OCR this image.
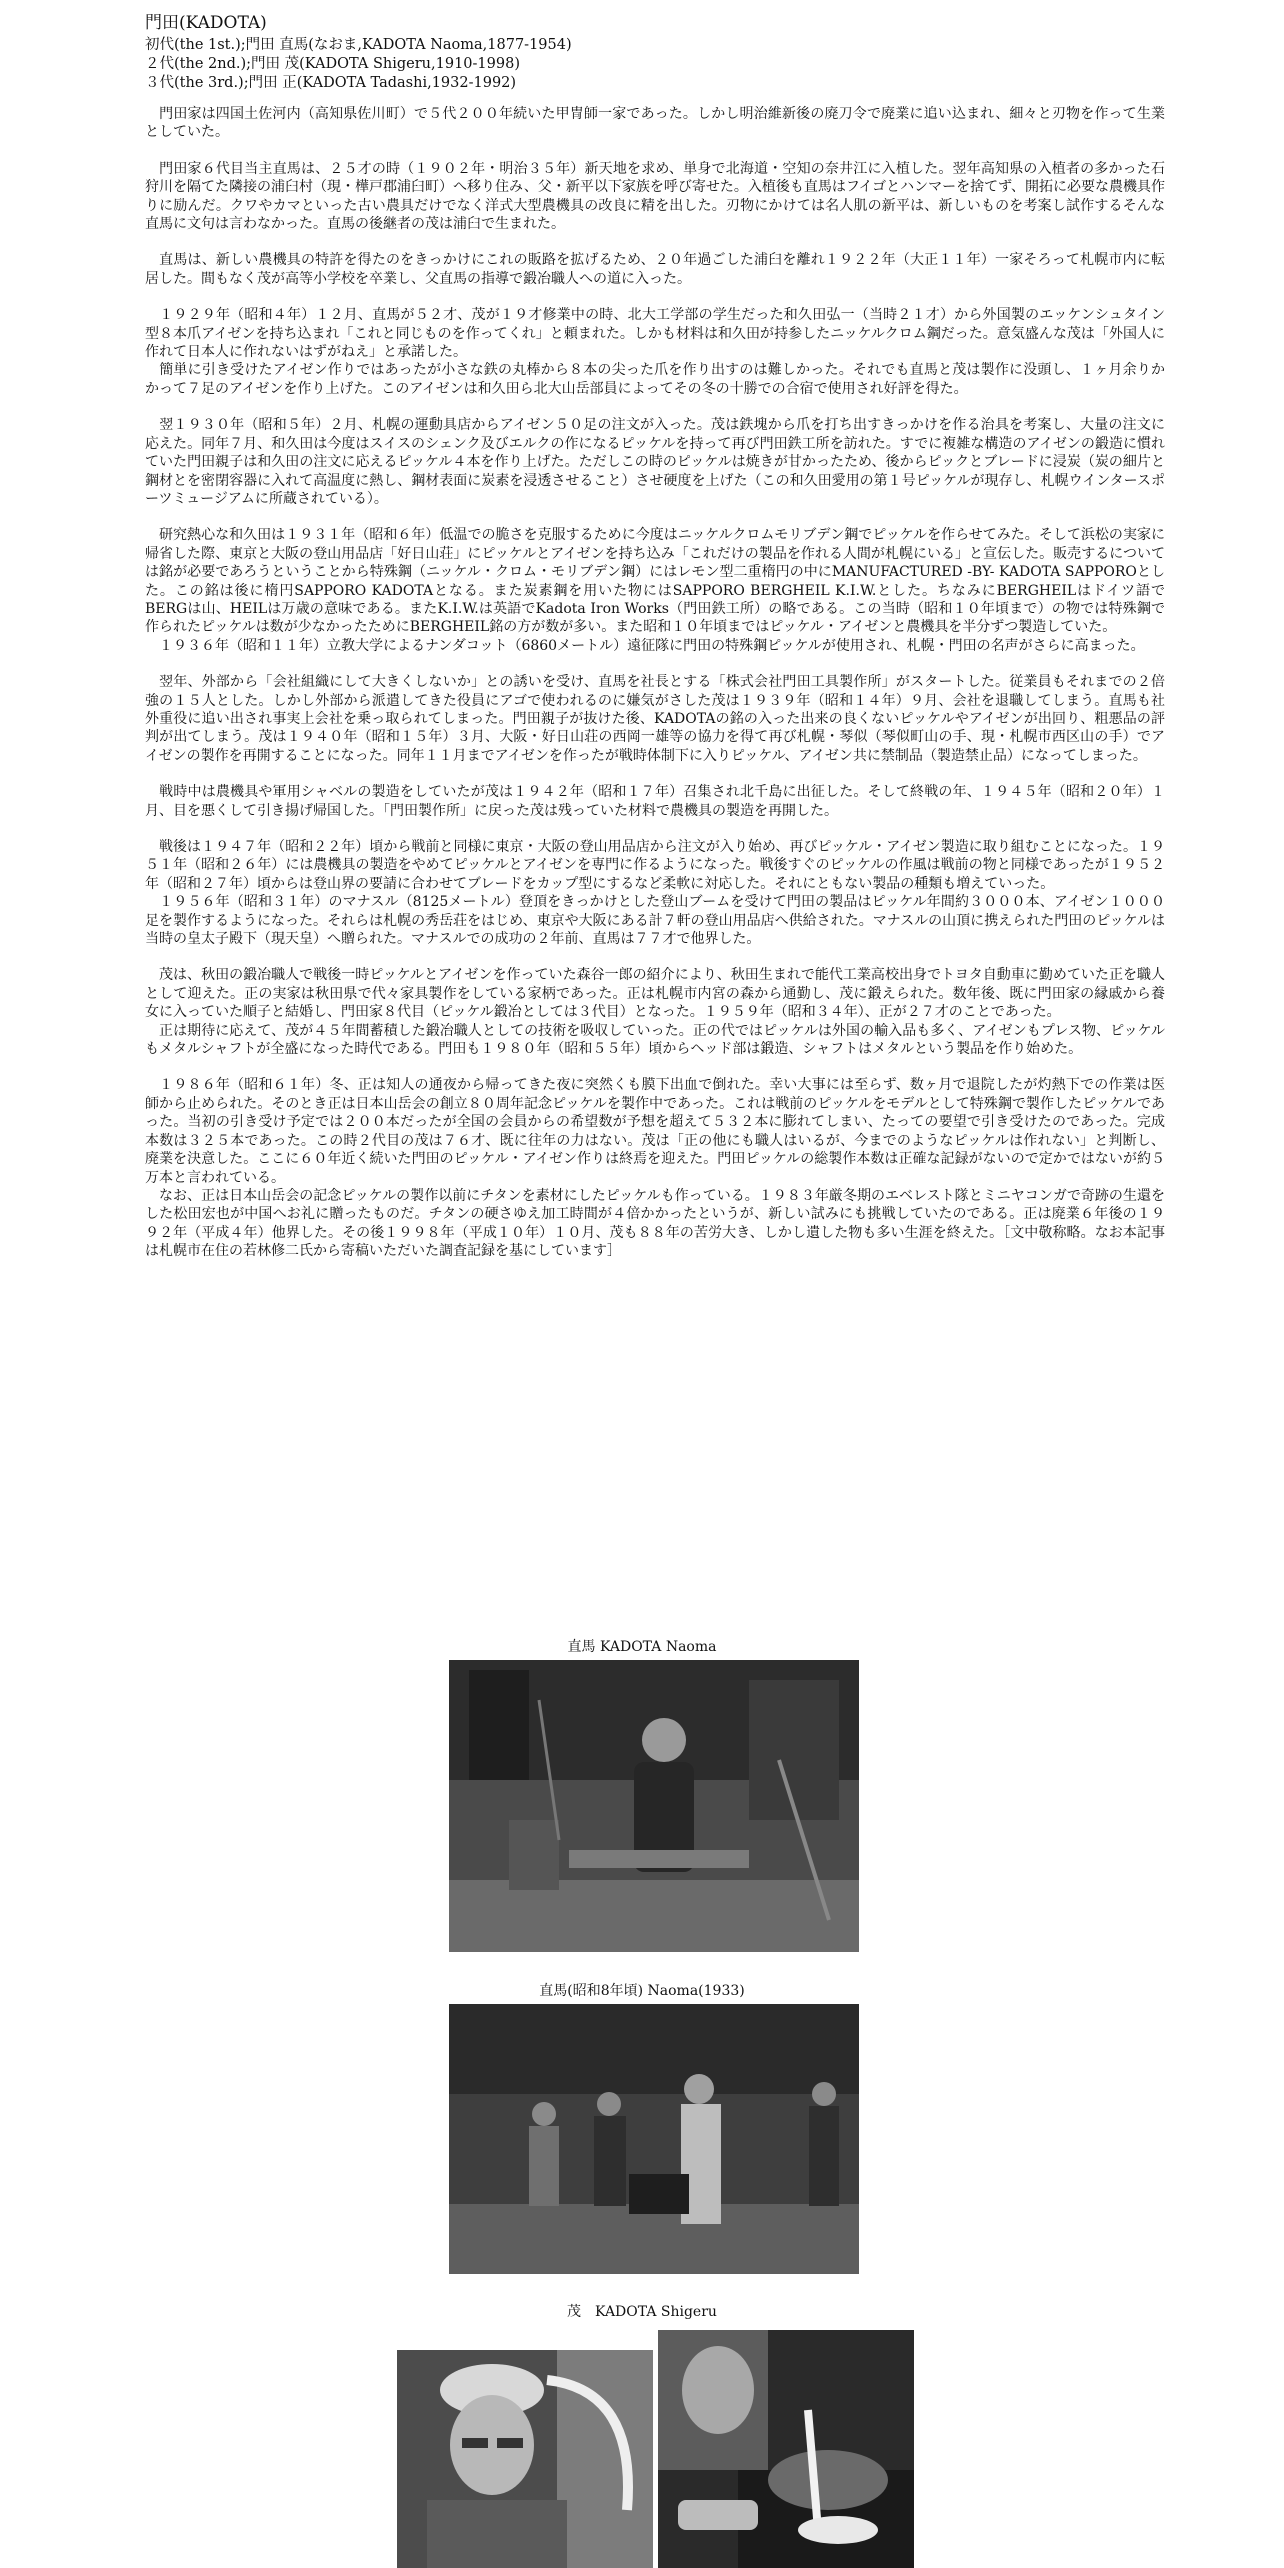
門田(KADOTA)
初代(the 1st.);門田 直馬(なおま,KADOTA Naoma,1877-1954)
２代(the 2nd.);門田 茂(KADOTA Shigeru,1910-1998)
３代(the 3rd.);門田 正(KADOTA Tadashi,1932-1992)

　門田家は四国土佐河内（高知県佐川町）で５代２００年続いた甲冑師一家であった。しかし明治維新後の廃刀令で廃業に追い込まれ、細々と刃物を作って生業としていた。

　門田家６代目当主直馬は、２５才の時（１９０２年・明治３５年）新天地を求め、単身で北海道・空知の奈井江に入植した。翌年高知県の入植者の多かった石狩川を隔てた隣接の浦臼村（現・樺戸郡浦臼町）へ移り住み、父・新平以下家族を呼び寄せた。入植後も直馬はフイゴとハンマーを捨てず、開拓に必要な農機具作りに励んだ。クワやカマといった古い農具だけでなく洋式大型農機具の改良に精を出した。刃物にかけては名人肌の新平は、新しいものを考案し試作するそんな直馬に文句は言わなかった。直馬の後継者の茂は浦臼で生まれた。

　直馬は、新しい農機具の特許を得たのをきっかけにこれの販路を拡げるため、２０年過ごした浦臼を離れ１９２２年（大正１１年）一家そろって札幌市内に転居した。間もなく茂が高等小学校を卒業し、父直馬の指導で鍛冶職人への道に入った。

　１９２９年（昭和４年）１２月、直馬が５２才、茂が１９才修業中の時、北大工学部の学生だった和久田弘一（当時２１才）から外国製のエッケンシュタイン型８本爪アイゼンを持ち込まれ「これと同じものを作ってくれ」と頼まれた。しかも材料は和久田が持参したニッケルクロム鋼だった。意気盛んな茂は「外国人に作れて日本人に作れないはずがねえ」と承諾した。
　簡単に引き受けたアイゼン作りではあったが小さな鉄の丸棒から８本の尖った爪を作り出すのは難しかった。それでも直馬と茂は製作に没頭し、１ヶ月余りかかって７足のアイゼンを作り上げた。このアイゼンは和久田ら北大山岳部員によってその冬の十勝での合宿で使用され好評を得た。

　翌１９３０年（昭和５年）２月、札幌の運動具店からアイゼン５０足の注文が入った。茂は鉄塊から爪を打ち出すきっかけを作る治具を考案し、大量の注文に応えた。同年７月、和久田は今度はスイスのシェンク及びエルクの作になるピッケルを持って再び門田鉄工所を訪れた。すでに複雑な構造のアイゼンの鍛造に慣れていた門田親子は和久田の注文に応えるピッケル４本を作り上げた。ただしこの時のピッケルは焼きが甘かったため、後からピックとブレードに浸炭（炭の細片と鋼材とを密閉容器に入れて高温度に熱し、鋼材表面に炭素を浸透させること）させ硬度を上げた（この和久田愛用の第１号ピッケルが現存し、札幌ウインタースポーツミュージアムに所蔵されている）。

　研究熱心な和久田は１９３１年（昭和６年）低温での脆さを克服するために今度はニッケルクロムモリブデン鋼でピッケルを作らせてみた。そして浜松の実家に帰省した際、東京と大阪の登山用品店「好日山荘」にピッケルとアイゼンを持ち込み「これだけの製品を作れる人間が札幌にいる」と宣伝した。販売するについては銘が必要であろうということから特殊鋼（ニッケル・クロム・モリブデン鋼）にはレモン型二重楕円の中にMANUFACTURED -BY- KADOTA SAPPOROとした。この銘は後に楕円SAPPORO KADOTAとなる。また炭素鋼を用いた物にはSAPPORO BERGHEIL K.I.W.とした。ちなみにBERGHEILはドイツ語でBERGは山、HEILは万歳の意味である。またK.I.W.は英語でKadota Iron Works（門田鉄工所）の略である。この当時（昭和１０年頃まで）の物では特殊鋼で作られたピッケルは数が少なかったためにBERGHEIL銘の方が数が多い。また昭和１０年頃まではピッケル・アイゼンと農機具を半分ずつ製造していた。
　１９３６年（昭和１１年）立教大学によるナンダコット（6860メートル）遠征隊に門田の特殊鋼ピッケルが使用され、札幌・門田の名声がさらに高まった。

　翌年、外部から「会社組織にして大きくしないか」との誘いを受け、直馬を社長とする「株式会社門田工具製作所」がスタートした。従業員もそれまでの２倍強の１５人とした。しかし外部から派遣してきた役員にアゴで使われるのに嫌気がさした茂は１９３９年（昭和１４年）９月、会社を退職してしまう。直馬も社外重役に追い出され事実上会社を乗っ取られてしまった。門田親子が抜けた後、KADOTAの銘の入った出来の良くないピッケルやアイゼンが出回り、粗悪品の評判が出てしまう。茂は１９４０年（昭和１５年）３月、大阪・好日山荘の西岡一雄等の協力を得て再び札幌・琴似（琴似町山の手、現・札幌市西区山の手）でアイゼンの製作を再開することになった。同年１１月までアイゼンを作ったが戦時体制下に入りピッケル、アイゼン共に禁制品（製造禁止品）になってしまった。

　戦時中は農機具や軍用シャベルの製造をしていたが茂は１９４２年（昭和１７年）召集され北千島に出征した。そして終戦の年、１９４５年（昭和２０年）１月、目を悪くして引き揚げ帰国した。「門田製作所」に戻った茂は残っていた材料で農機具の製造を再開した。

　戦後は１９４７年（昭和２２年）頃から戦前と同様に東京・大阪の登山用品店から注文が入り始め、再びピッケル・アイゼン製造に取り組むことになった。１９５１年（昭和２６年）には農機具の製造をやめてピッケルとアイゼンを専門に作るようになった。戦後すぐのピッケルの作風は戦前の物と同様であったが１９５２年（昭和２７年）頃からは登山界の要請に合わせてブレードをカップ型にするなど柔軟に対応した。それにともない製品の種類も増えていった。
　１９５６年（昭和３１年）のマナスル（8125メートル）登頂をきっかけとした登山ブームを受けて門田の製品はピッケル年間約３０００本、アイゼン１０００足を製作するようになった。それらは札幌の秀岳荘をはじめ、東京や大阪にある計７軒の登山用品店へ供給された。マナスルの山頂に携えられた門田のピッケルは当時の皇太子殿下（現天皇）へ贈られた。マナスルでの成功の２年前、直馬は７７才で他界した。

　茂は、秋田の鍛冶職人で戦後一時ピッケルとアイゼンを作っていた森谷一郎の紹介により、秋田生まれで能代工業高校出身でトヨタ自動車に勤めていた正を職人として迎えた。正の実家は秋田県で代々家具製作をしている家柄であった。正は札幌市内宮の森から通勤し、茂に鍛えられた。数年後、既に門田家の縁戚から養女に入っていた順子と結婚し、門田家８代目（ピッケル鍛冶としては３代目）となった。１９５９年（昭和３４年）、正が２７才のことであった。
　正は期待に応えて、茂が４５年間蓄積した鍛冶職人としての技術を吸収していった。正の代ではピッケルは外国の輸入品も多く、アイゼンもプレス物、ピッケルもメタルシャフトが全盛になった時代である。門田も１９８０年（昭和５５年）頃からヘッド部は鍛造、シャフトはメタルという製品を作り始めた。

　１９８６年（昭和６１年）冬、正は知人の通夜から帰ってきた夜に突然くも膜下出血で倒れた。幸い大事には至らず、数ヶ月で退院したが灼熱下での作業は医師から止められた。そのとき正は日本山岳会の創立８０周年記念ピッケルを製作中であった。これは戦前のピッケルをモデルとして特殊鋼で製作したピッケルであった。当初の引き受け予定では２００本だったが全国の会員からの希望数が予想を超えて５３２本に膨れてしまい、たっての要望で引き受けたのであった。完成本数は３２５本であった。この時２代目の茂は７６才、既に往年の力はない。茂は「正の他にも職人はいるが、今までのようなピッケルは作れない」と判断し、廃業を決意した。ここに６０年近く続いた門田のピッケル・アイゼン作りは終焉を迎えた。門田ピッケルの総製作本数は正確な記録がないので定かではないが約５万本と言われている。
　なお、正は日本山岳会の記念ピッケルの製作以前にチタンを素材にしたピッケルも作っている。１９８３年厳冬期のエベレスト隊とミニヤコンガで奇跡の生還をした松田宏也が中国へお礼に贈ったものだ。チタンの硬さゆえ加工時間が４倍かかったというが、新しい試みにも挑戦していたのである。正は廃業６年後の１９９２年（平成４年）他界した。その後１９９８年（平成１０年）１０月、茂も８８年の苦労大き、しかし遺した物も多い生涯を終えた。［文中敬称略。なお本記事は札幌市在住の若林修二氏から寄稿いただいた調査記録を基にしています］

直馬 KADOTA Naoma
直馬(昭和8年頃) Naoma(1933)
茂　KADOTA Shigeru
